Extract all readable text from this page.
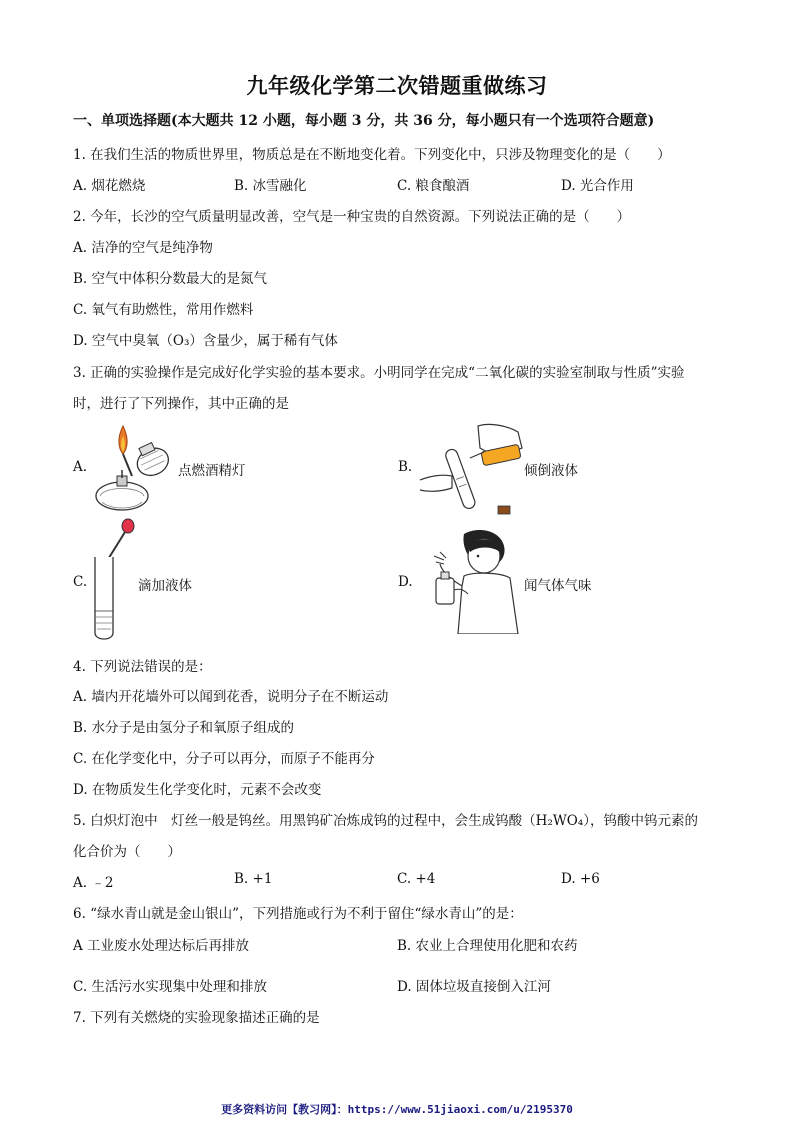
九年级化学第二次错题重做练习
一、单项选择题(本大题共 12 小题，每小题 3 分，共 36 分，每小题只有一个选项符合题意)
1. 在我们生活的物质世界里，物质总是在不断地变化着。下列变化中，只涉及物理变化的是（　　）
A. 烟花燃烧	B. 冰雪融化	C. 粮食酿酒	D. 光合作用
2. 今年，长沙的空气质量明显改善，空气是一种宝贵的自然资源。下列说法正确的是（　　）
A. 洁净的空气是纯净物
B. 空气中体积分数最大的是氮气
C. 氧气有助燃性，常用作燃料
D. 空气中臭氧（O₃）含量少，属于稀有气体
3. 正确的实验操作是完成好化学实验的基本要求。小明同学在完成“二氧化碳的实验室制取与性质”实验
时，进行了下列操作，其中正确的是
A.	点燃酒精灯	B.	倾倒液体
C.	滴加液体	D.	闻气体气味
4. 下列说法错误的是：
A. 墙内开花墙外可以闻到花香，说明分子在不断运动
B. 水分子是由氢分子和氧原子组成的
C. 在化学变化中，分子可以再分，而原子不能再分
D. 在物质发生化学变化时，元素不会改变
5. 白炽灯泡中　灯丝一般是钨丝。用黑钨矿冶炼成钨的过程中，会生成钨酸（H₂WO₄），钨酸中钨元素的
化合价为（　　）
A. ﹣2	B. +1	C. +4	D. +6
6. “绿水青山就是金山银山”，下列措施或行为不利于留住“绿水青山”的是：
A 工业废水处理达标后再排放	B. 农业上合理使用化肥和农药
C. 生活污水实现集中处理和排放	D. 固体垃圾直接倒入江河
7. 下列有关燃烧的实验现象描述正确的是
更多资料访问【教习网】：https://www.51jiaoxi.com/u/2195370
